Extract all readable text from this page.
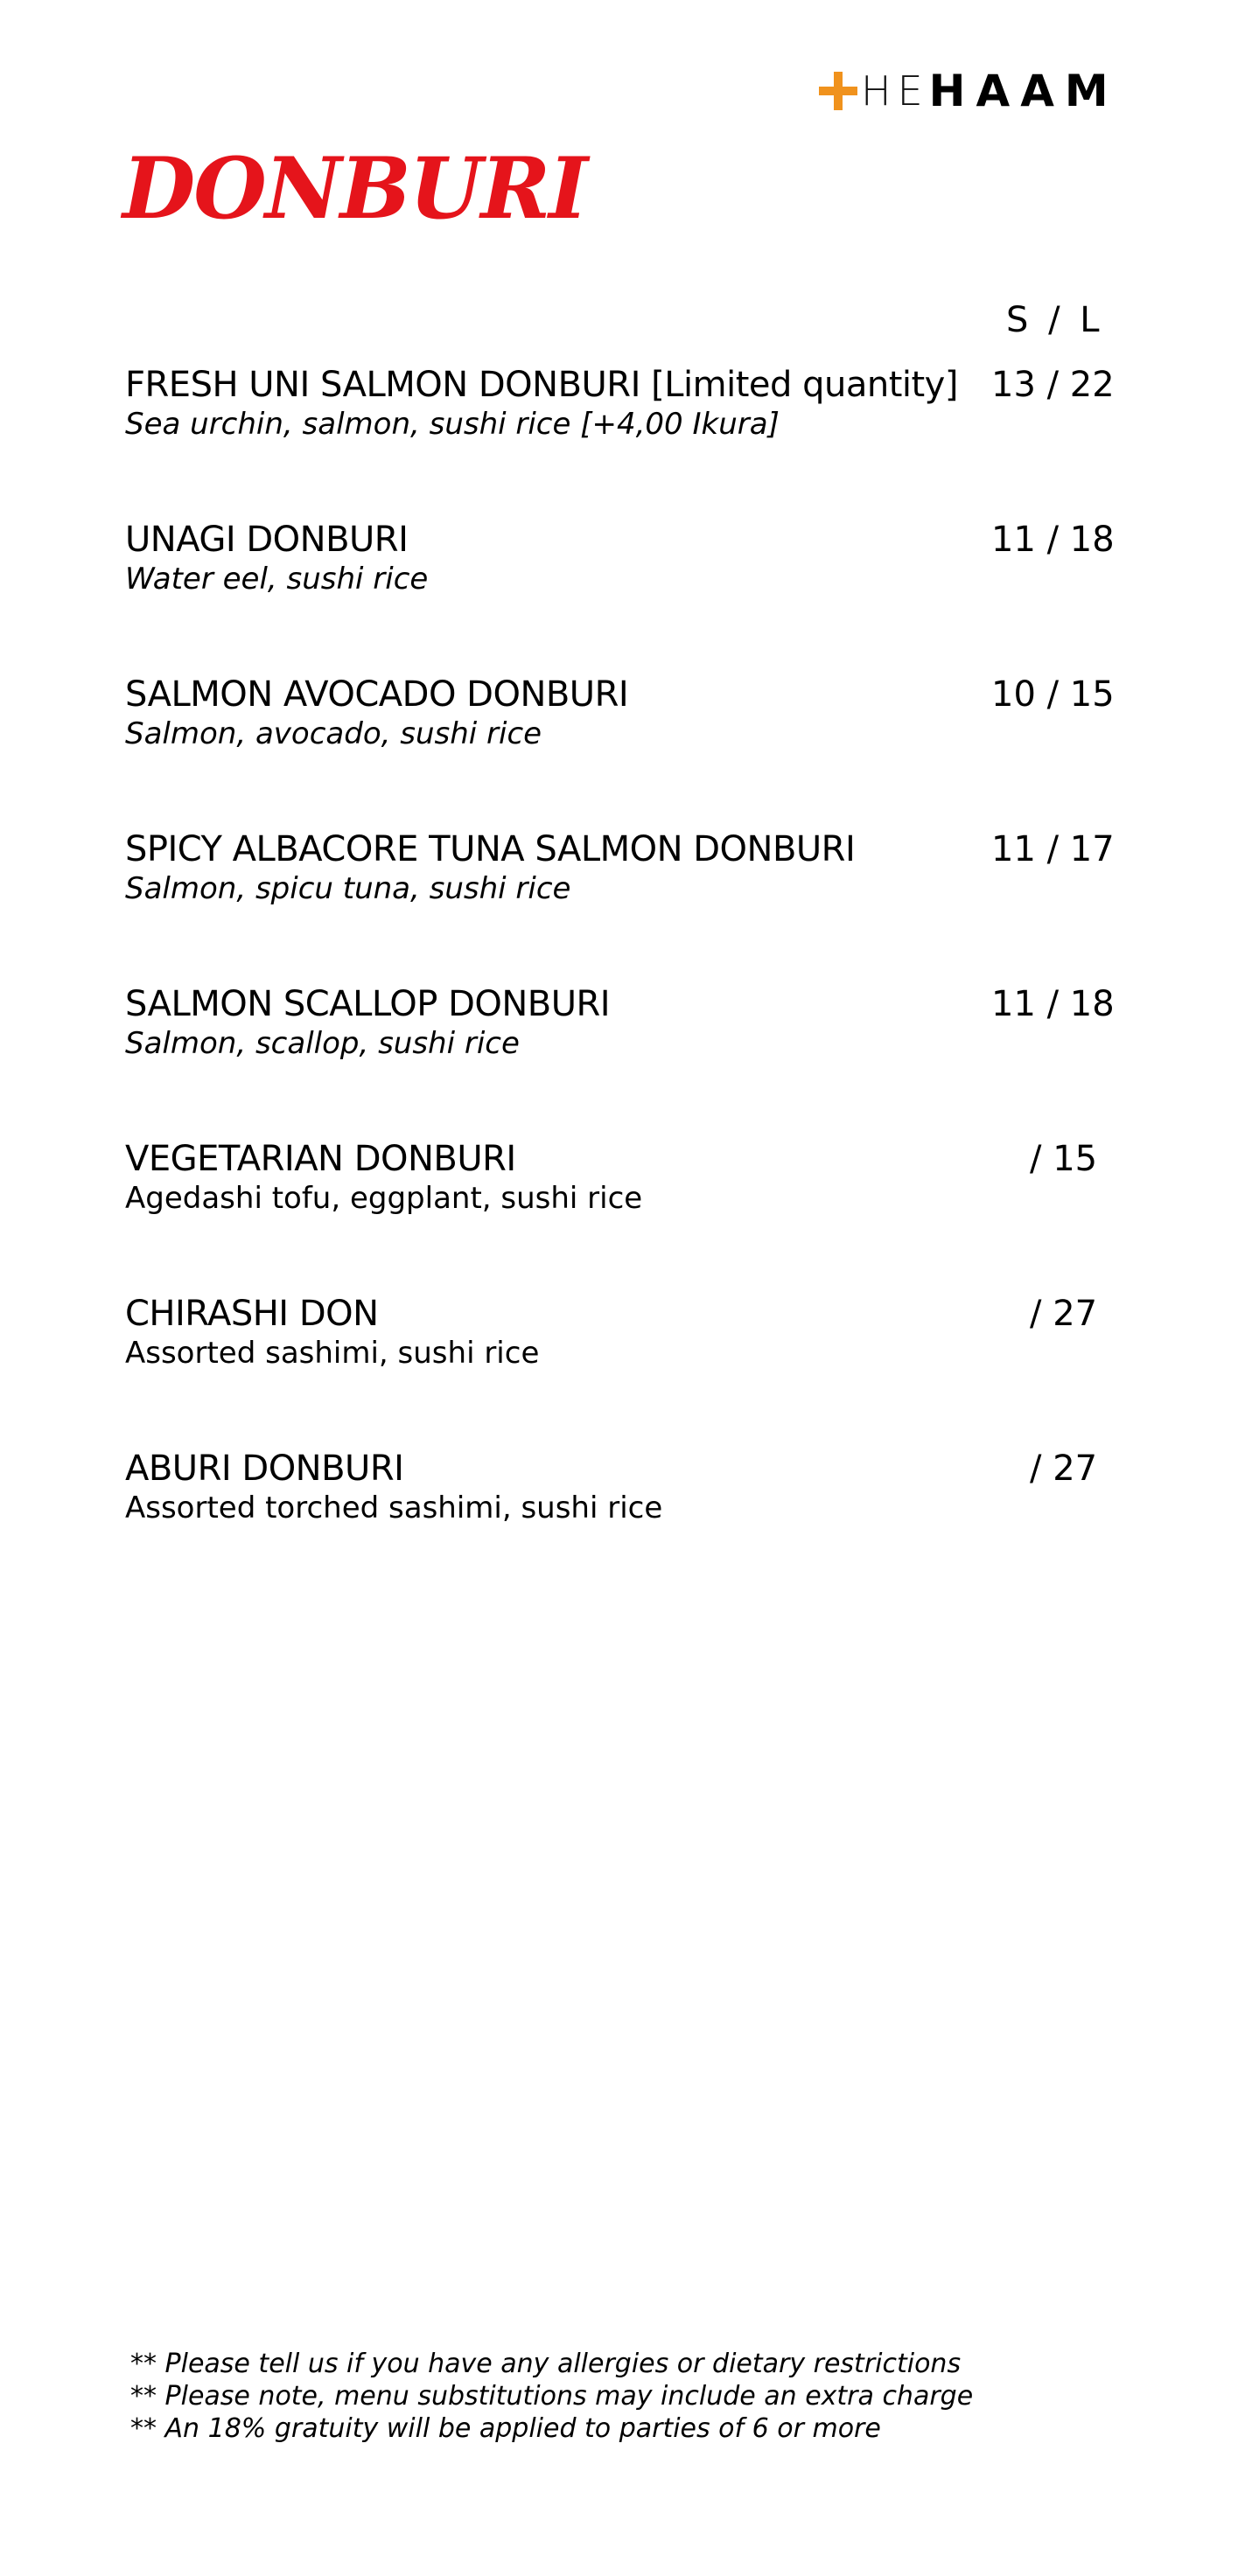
HE HAAM
DONBURI
S / L
FRESH UNI SALMON DONBURI [Limited quantity]
Sea urchin, salmon, sushi rice [+4,00 Ikura]
13 / 22
UNAGI DONBURI
Water eel, sushi rice
11 / 18
SALMON AVOCADO DONBURI
Salmon, avocado, sushi rice
10 / 15
SPICY ALBACORE TUNA SALMON DONBURI
Salmon, spicu tuna, sushi rice
11 / 17
SALMON SCALLOP DONBURI
Salmon, scallop, sushi rice
11 / 18
VEGETARIAN DONBURI
Agedashi tofu, eggplant, sushi rice
/ 15
CHIRASHI DON
Assorted sashimi, sushi rice
/ 27
ABURI DONBURI
Assorted torched sashimi, sushi rice
/ 27
** Please tell us if you have any allergies or dietary restrictions
** Please note, menu substitutions may include an extra charge
** An 18% gratuity will be applied to parties of 6 or more
